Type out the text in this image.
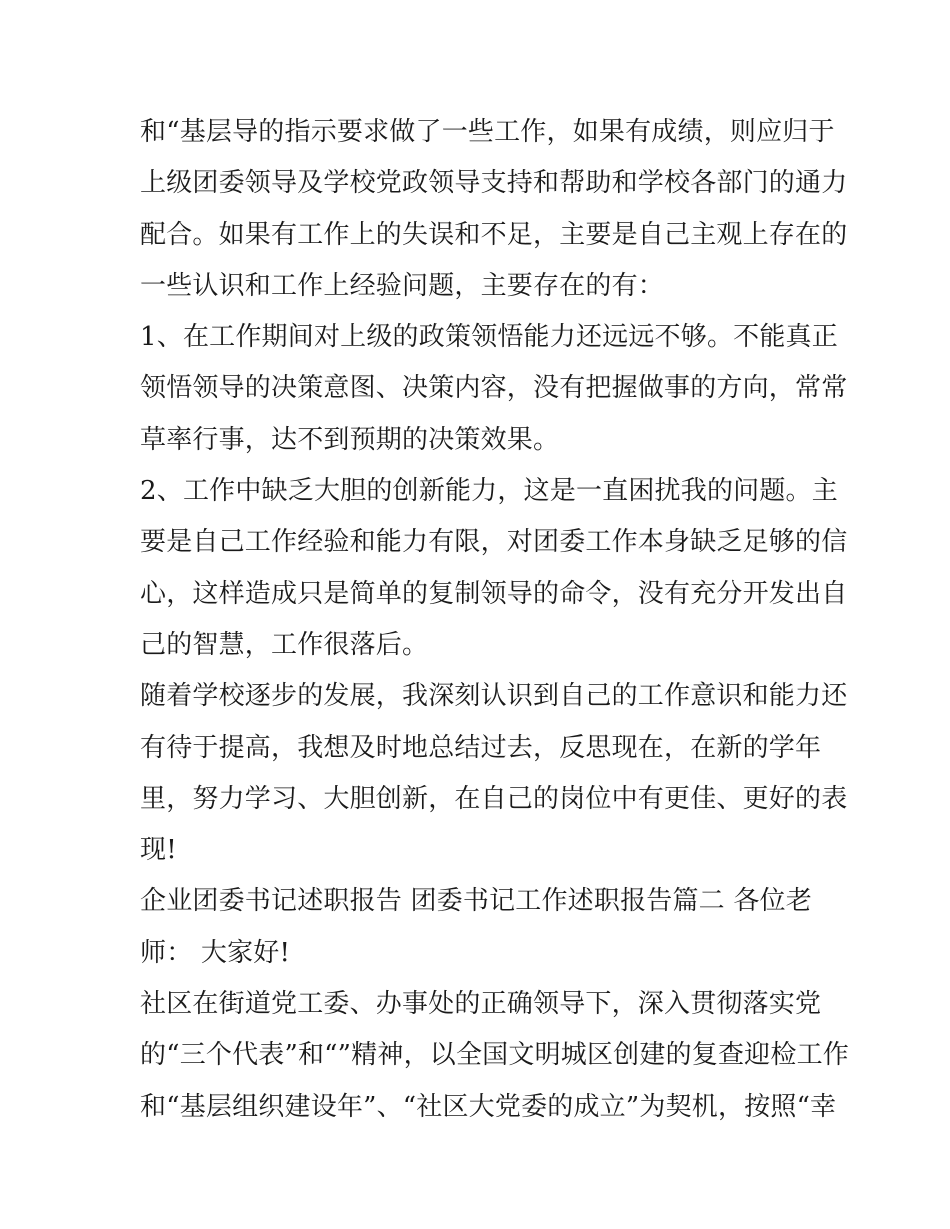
和“基层导的指示要求做了一些工作，如果有成绩，则应归于
上级团委领导及学校党政领导支持和帮助和学校各部门的通力
配合。如果有工作上的失误和不足，主要是自己主观上存在的
一些认识和工作上经验问题，主要存在的有：
1、在工作期间对上级的政策领悟能力还远远不够。不能真正
领悟领导的决策意图、决策内容，没有把握做事的方向，常常
草率行事，达不到预期的决策效果。
2、工作中缺乏大胆的创新能力，这是一直困扰我的问题。主
要是自己工作经验和能力有限，对团委工作本身缺乏足够的信
心，这样造成只是简单的复制领导的命令，没有充分开发出自
己的智慧，工作很落后。
随着学校逐步的发展，我深刻认识到自己的工作意识和能力还
有待于提高，我想及时地总结过去，反思现在，在新的学年
里，努力学习、大胆创新，在自己的岗位中有更佳、更好的表
现!
企业团委书记述职报告 团委书记工作述职报告篇二 各位老
师： 大家好!
社区在街道党工委、办事处的正确领导下，深入贯彻落实党
的“三个代表”和“”精神，以全国文明城区创建的复查迎检工作
和“基层组织建设年”、“社区大党委的成立”为契机，按照“幸
